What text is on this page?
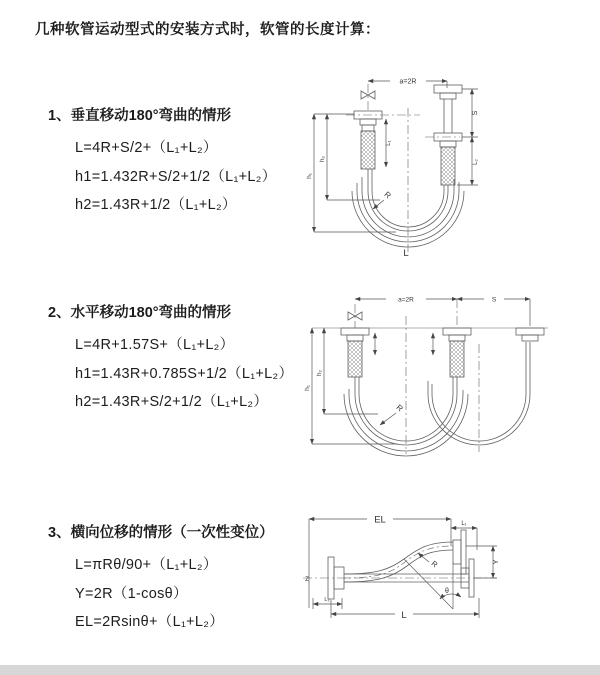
几种软管运动型式的安装方式时，软管的长度计算：
1、垂直移动180°弯曲的情形
L=4R+S/2+（L₁+L₂）
h1=1.432R+S/2+1/2（L₁+L₂）
h2=1.43R+1/2（L₁+L₂）
2、水平移动180°弯曲的情形
L=4R+1.57S+（L₁+L₂）
h1=1.43R+0.785S+1/2（L₁+L₂）
h2=1.43R+S/2+1/2（L₁+L₂）
3、横向位移的情形（一次性变位）
L=πRθ/90+（L₁+L₂）
Y=2R（1-cosθ）
EL=2Rsinθ+（L₁+L₂）
a=2R
S
L₂
L₁
h₁
h₂
R
L
a=2R	S
h₁
h₂
R
EL	L₁
Y
R
θ
L
L₂
Z
